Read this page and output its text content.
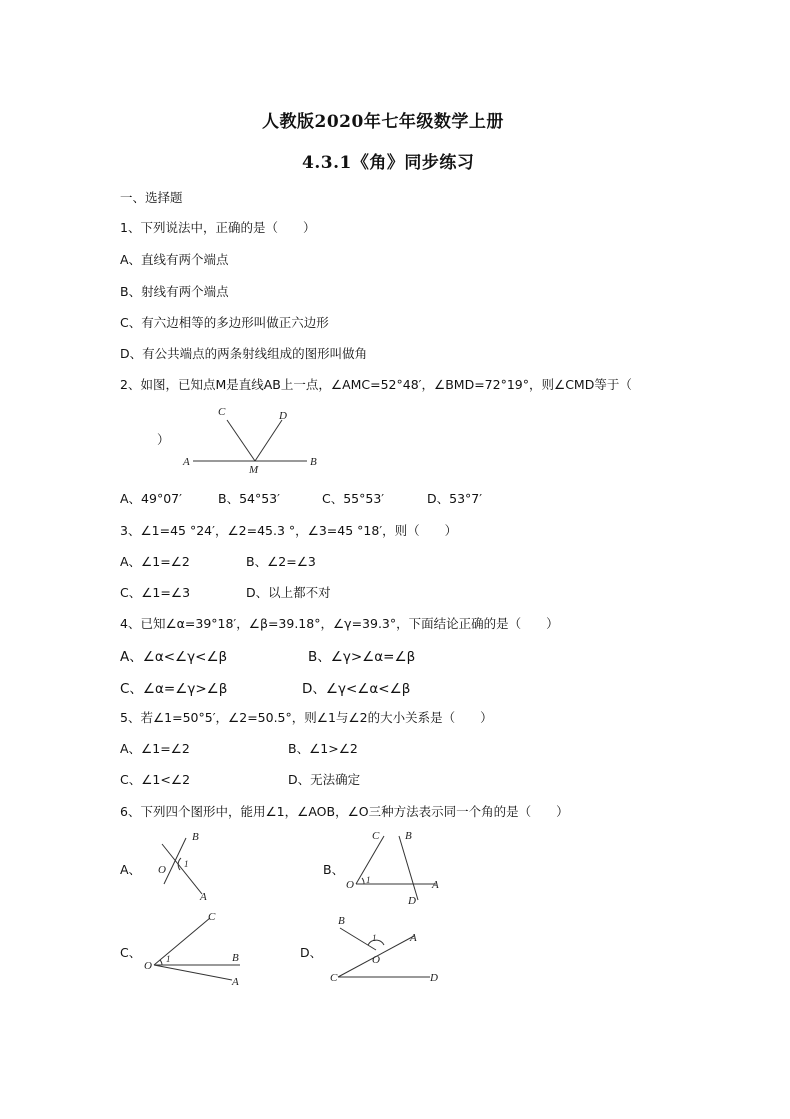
人教版2020年七年级数学上册
4.3.1《角》同步练习
一、选择题
1、下列说法中，正确的是（　　）
A、直线有两个端点
B、射线有两个端点
C、有六边相等的多边形叫做正六边形
D、有公共端点的两条射线组成的图形叫做角
2、如图，已知点M是直线AB上一点，∠AMC=52°48′，∠BMD=72°19°，则∠CMD等于（
）
C	D
A
M
B
A、49°07′	B、54°53′	C、55°53′	D、53°7′
3、∠1=45 °24′，∠2=45.3 °，∠3=45 °18′，则（　　）
A、∠1=∠2	B、∠2=∠3
C、∠1=∠3	D、以上都不对
4、已知∠α=39°18′，∠β=39.18°，∠γ=39.3°，下面结论正确的是（　　）
A、∠α<∠γ<∠β	B、∠γ>∠α=∠β
C、∠α=∠γ>∠β	D、∠γ<∠α<∠β
5、若∠1=50°5′，∠2=50.5°，则∠1与∠2的大小关系是（　　）
A、∠1=∠2	B、∠1>∠2
C、∠1<∠2	D、无法确定
6、下列四个图形中，能用∠1，∠AOB，∠O三种方法表示同一个角的是（　　）
A、
B
O 1
A
B、
C B
O 1	A
D
C、
C
O
1	B
A
D、
B
1	A
O
C	D
